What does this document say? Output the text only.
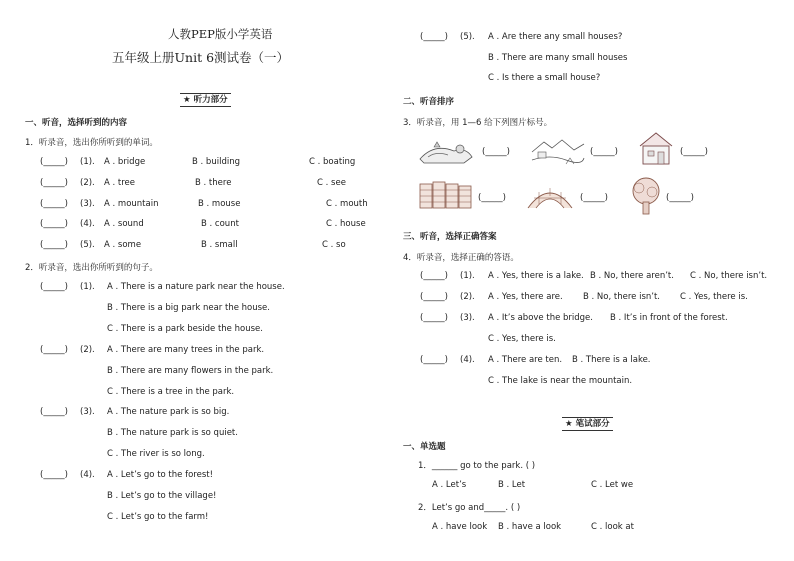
人教PEP版小学英语
五年级上册Unit 6测试卷（一）
★ 听力部分
一、听音，选择听到的内容
1．听录音，选出你所听到的单词。
(_____) (1). A . bridge	B . building	C . boating
(_____) (2). A . tree	B . there	C . see
(_____) (3). A . mountain	B . mouse	C . mouth
(_____) (4). A . sound	B . count	C . house
(_____) (5). A . some	B . small	C . so
2．听录音，选出你所听到的句子。
(_____) (1). A . There is a nature park near the house.
B . There is a big park near the house.
C . There is a park beside the house.
(_____) (2). A . There are many trees in the park.
B . There are many flowers in the park.
C . There is a tree in the park.
(_____) (3). A . The nature park is so big.
B . The nature park is so quiet.
C . The river is so long.
(_____) (4). A . Let’s go to the forest!
B . Let’s go to the village!
C . Let’s go to the farm!
(_____) (5). A . Are there any small houses?
B . There are many small houses
C . Is there a small house?
二、听音排序
3．听录音，用 1—6 给下列图片标号。
(_____)	(_____)	(_____)
(_____)	(_____)	(_____)
三、听音，选择正确答案
4．听录音，选择正确的答语。
(_____) (1). A . Yes, there is a lake. B . No, there aren’t. C . No, there isn’t.
(_____) (2). A . Yes, there are. B . No, there isn’t. C . Yes, there is.
(_____) (3). A . It’s above the bridge. B . It’s in front of the forest.
C . Yes, there is.
(_____) (4). A . There are ten. B . There is a lake.
C . The lake is near the mountain.
★ 笔试部分
一、单选题
1．______ go to the park. ( )
A . Let’s	B . Let	C . Let we
2．Let’s go and_____. ( )
A . have look B . have a look	C . look at
